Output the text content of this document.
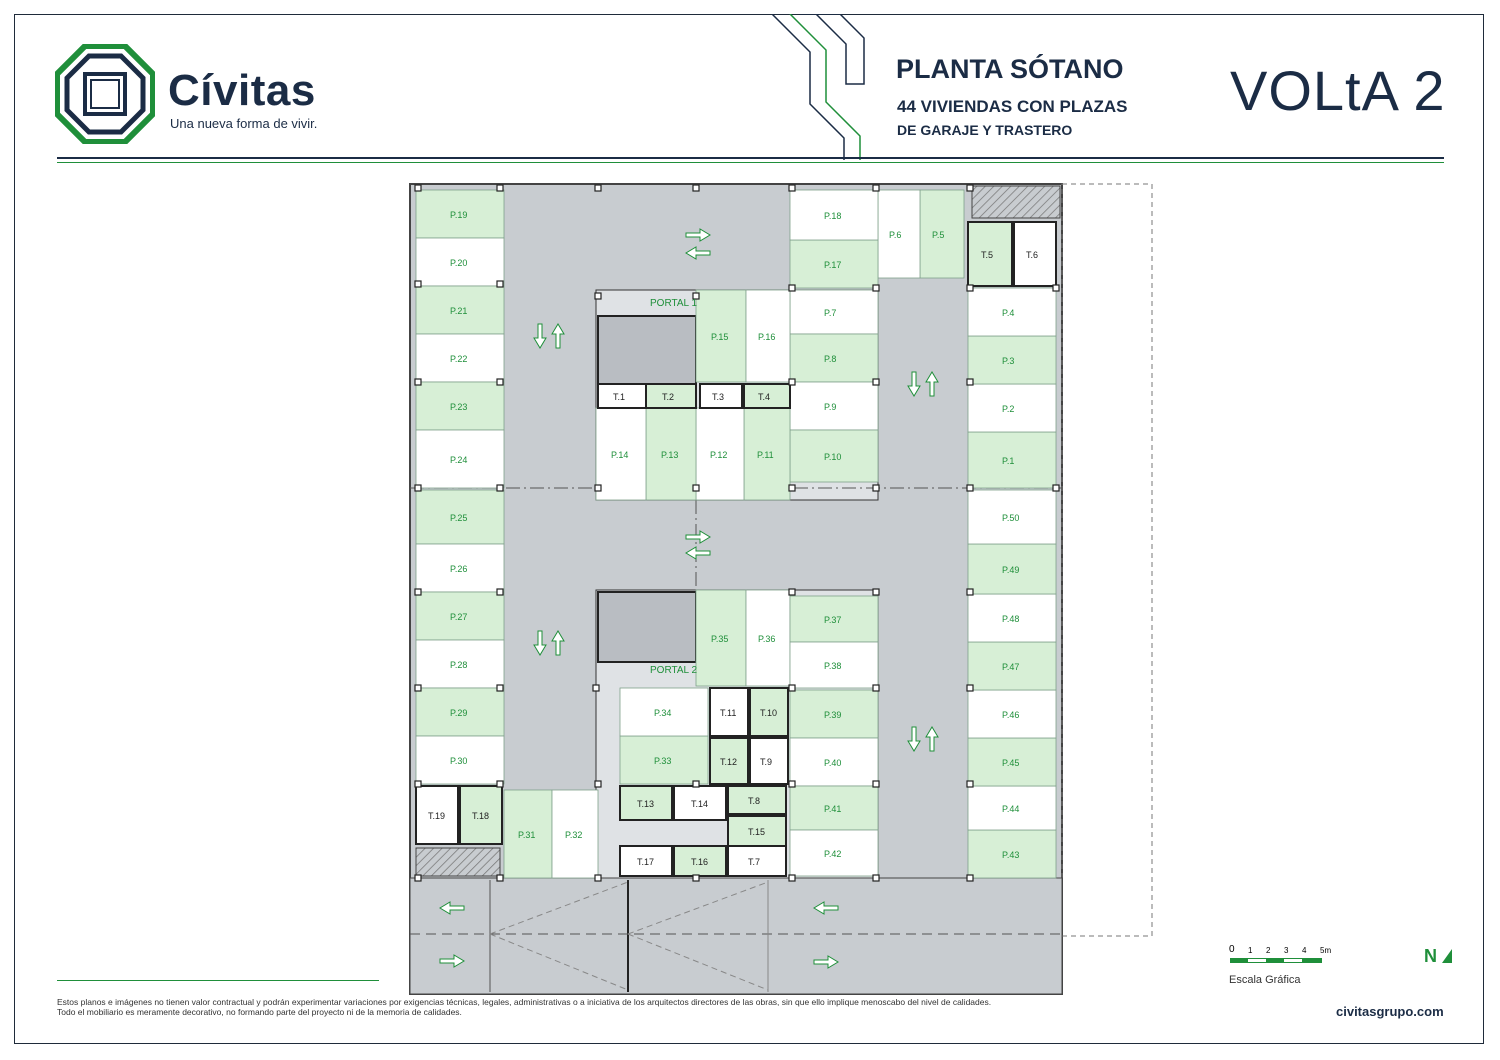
Cívitas
Una nueva forma de vivir.
PLANTA SÓTANO
44 VIVIENDAS CON PLAZAS
DE GARAJE Y TRASTERO
VOLtA 2
P.1
P.2
P.3
P.4
P.5
P.6
P.7
P.8
P.9
P.10
P.11
P.12
P.13
P.14
P.15	P.16
P.17
P.18
P.19
P.20
P.21
P.22
P.23
P.24
P.25
P.26
P.27
P.28
P.29
P.30
P.31	P.32
P.33
P.34
P.35	P.36
P.37
P.38
P.39
P.40
P.41
P.42	P.43
P.44
P.45
P.46
P.47
P.48
P.49
P.50
T.1	T.2	T.3	T.4
T.5	T.6
T.7
T.8
T.9
T.10
T.11
T.12
T.13	T.14
T.15
T.16
T.17
T.18
T.19
PORTAL 1
PORTAL 2
Estos planos e imágenes no tienen valor contractual y podrán experimentar variaciones por exigencias técnicas, legales, administrativas o a iniciativa de los arquitectos directores de las obras, sin que ello implique menoscabo del nivel de calidades.
Todo el mobiliario es meramente decorativo, no formando parte del proyecto ni de la memoria de calidades.	civitasgrupo.com
0 1 2 3 4 5m
Escala Gráfica
N
